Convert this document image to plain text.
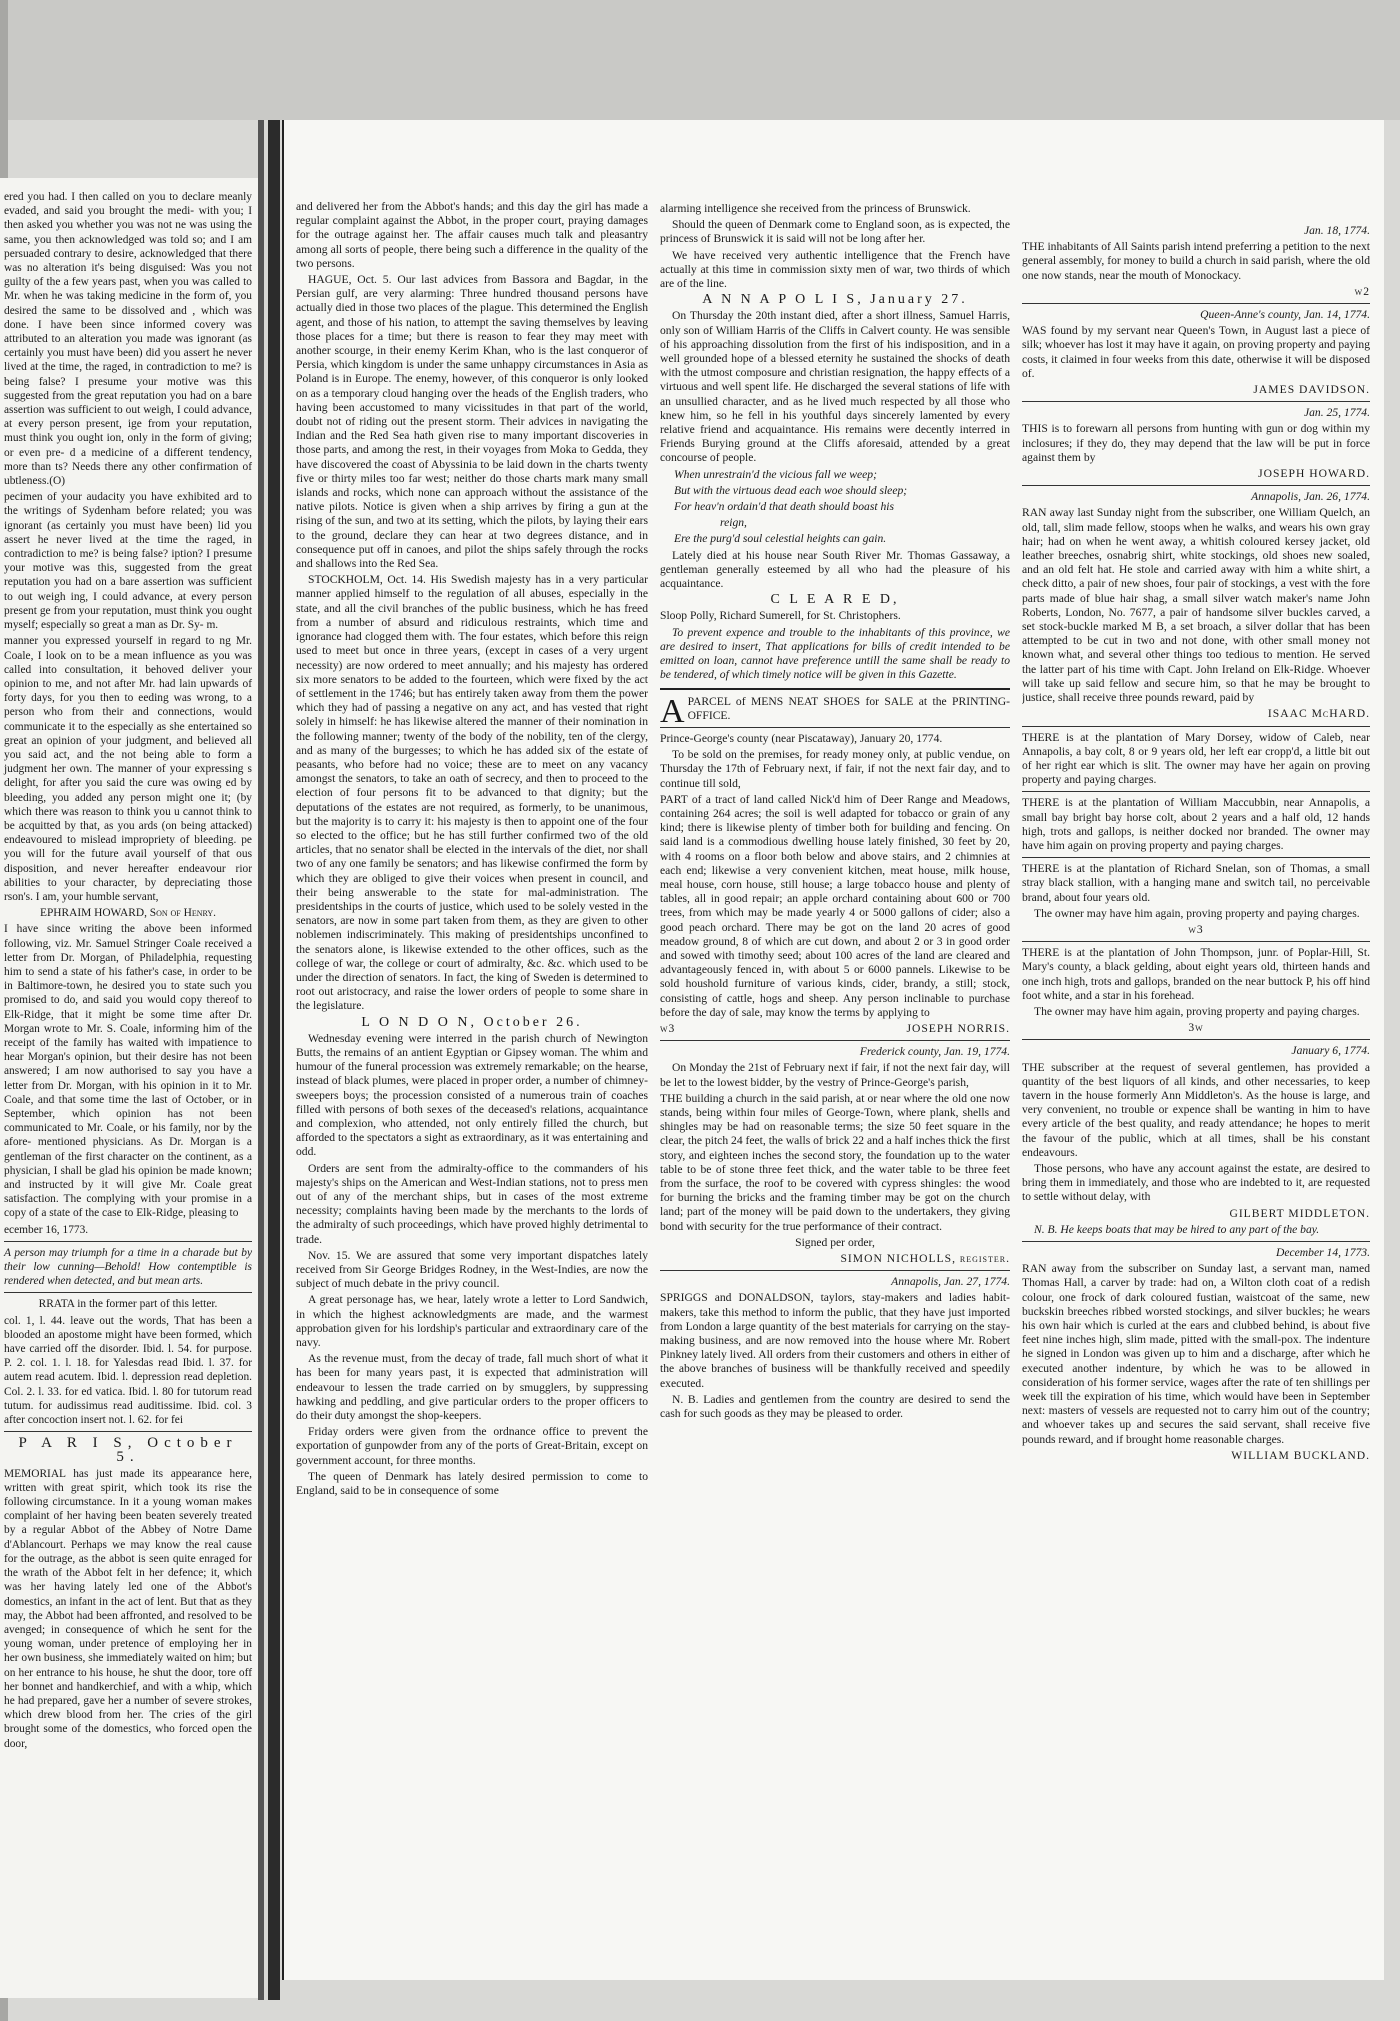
ered you had. I then called on you to declare meanly evaded, and said you brought the medi- with you; I then asked you whether you was not ne was using the same, you then acknowledged was told so; and I am persuaded contrary to desire, acknowledged that there was no alteration it's being disguised: Was you not guilty of the a few years past, when you was called to Mr. when he was taking medicine in the form of, you desired the same to be dissolved and , which was done. I have been since informed covery was attributed to an alteration you made was ignorant (as certainly you must have been) did you assert he never lived at the time, the raged, in contradiction to me? is being false? I presume your motive was this suggested from the great reputation you had on a bare assertion was sufficient to out weigh, I could advance, at every person present, ige from your reputation, must think you ought ion, only in the form of giving; or even pre- d a medicine of a different tendency, more than ts? Needs there any other confirmation of ubtleness.(O)

pecimen of your audacity you have exhibited ard to the writings of Sydenham before related; you was ignorant (as certainly you must have been) lid you assert he never lived at the time the raged, in contradiction to me? is being false? iption? I presume your motive was this, suggested from the great reputation you had on a bare assertion was sufficient to out weigh ing, I could advance, at every person present ge from your reputation, must think you ought myself; especially so great a man as Dr. Sy- m.

manner you expressed yourself in regard to ng Mr. Coale, I look on to be a mean influence as you was called into consultation, it behoved deliver your opinion to me, and not after Mr. had lain upwards of forty days, for you then to eeding was wrong, to a person who from their and connections, would communicate it to the especially as she entertained so great an opinion of your judgment, and believed all you said act, and the not being able to form a judgment her own. The manner of your expressing s delight, for after you said the cure was owing ed by bleeding, you added any person might one it; (by which there was reason to think you u cannot think to be acquitted by that, as you ards (on being attacked) endeavoured to mislead impropriety of bleeding. pe you will for the future avail yourself of that ous disposition, and never hereafter endeavour rior abilities to your character, by depreciating those rson's. I am, your humble servant,

EPHRAIM HOWARD, Son of Henry.

I have since writing the above been informed following, viz. Mr. Samuel Stringer Coale received a letter from Dr. Morgan, of Philadelphia, requesting him to send a state of his father's case, in order to be in Baltimore-town, he desired you to state such you promised to do, and said you would copy thereof to Elk-Ridge, that it might be some time after Dr. Morgan wrote to Mr. S. Coale, informing him of the receipt of the family has waited with impatience to hear Morgan's opinion, but their desire has not been answered; I am now authorised to say you have a letter from Dr. Morgan, with his opinion in it to Mr. Coale, and that some time the last of October, or in September, which opinion has not been communicated to Mr. Coale, or his family, nor by the afore- mentioned physicians. As Dr. Morgan is a gentleman of the first character on the continent, as a physician, I shall be glad his opinion be made known; and instructed by it will give Mr. Coale great satisfaction. The complying with your promise in a copy of a state of the case to Elk-Ridge, pleasing to

ecember 16, 1773.

A person may triumph for a time in a charade but by their low cunning—Behold! How contemptible is rendered when detected, and but mean arts.

RRATA in the former part of this letter.

col. 1, l. 44. leave out the words, That has been a blooded an apostome might have been formed, which have carried off the disorder. Ibid. l. 54. for purpose. P. 2. col. 1. l. 18. for Yalesdas read Ibid. l. 37. for autem read acutem. Ibid. l. depression read depletion. Col. 2. l. 33. for ed vatica. Ibid. l. 80 for tutorum read tutum. for audissimus read auditissime. Ibid. col. 3 after concoction insert not. l. 62. for fei

P A R I S, October 5.

MEMORIAL has just made its appearance here, written with great spirit, which took its rise the following circumstance. In it a young woman makes complaint of her having been beaten severely treated by a regular Abbot of the Abbey of Notre Dame d'Ablancourt. Perhaps we may know the real cause for the outrage, as the abbot is seen quite enraged for the wrath of the Abbot felt in her defence; it, which was her having lately led one of the Abbot's domestics, an infant in the act of lent. But that as they may, the Abbot had been affronted, and resolved to be avenged; in consequence of which he sent for the young woman, under pretence of employing her in her own business, she immediately waited on him; but on her entrance to his house, he shut the door, tore off her bonnet and handkerchief, and with a whip, which he had prepared, gave her a number of severe strokes, which drew blood from her. The cries of the girl brought some of the domestics, who forced open the door,

and delivered her from the Abbot's hands; and this day the girl has made a regular complaint against the Abbot, in the proper court, praying damages for the outrage against her. The affair causes much talk and pleasantry among all sorts of people, there being such a difference in the quality of the two persons.

HAGUE, Oct. 5. Our last advices from Bassora and Bagdar, in the Persian gulf, are very alarming: Three hundred thousand persons have actually died in those two places of the plague. This determined the English agent, and those of his nation, to attempt the saving themselves by leaving those places for a time; but there is reason to fear they may meet with another scourge, in their enemy Kerim Khan, who is the last conqueror of Persia, which kingdom is under the same unhappy circumstances in Asia as Poland is in Europe. The enemy, however, of this conqueror is only looked on as a temporary cloud hanging over the heads of the English traders, who having been accustomed to many vicissitudes in that part of the world, doubt not of riding out the present storm. Their advices in navigating the Indian and the Red Sea hath given rise to many important discoveries in those parts, and among the rest, in their voyages from Moka to Gedda, they have discovered the coast of Abyssinia to be laid down in the charts twenty five or thirty miles too far west; neither do those charts mark many small islands and rocks, which none can approach without the assistance of the native pilots. Notice is given when a ship arrives by firing a gun at the rising of the sun, and two at its setting, which the pilots, by laying their ears to the ground, declare they can hear at two degrees distance, and in consequence put off in canoes, and pilot the ships safely through the rocks and shallows into the Red Sea.

STOCKHOLM, Oct. 14. His Swedish majesty has in a very particular manner applied himself to the regulation of all abuses, especially in the state, and all the civil branches of the public business, which he has freed from a number of absurd and ridiculous restraints, which time and ignorance had clogged them with. The four estates, which before this reign used to meet but once in three years, (except in cases of a very urgent necessity) are now ordered to meet annually; and his majesty has ordered six more senators to be added to the fourteen, which were fixed by the act of settlement in the 1746; but has entirely taken away from them the power which they had of passing a negative on any act, and has vested that right solely in himself: he has likewise altered the manner of their nomination in the following manner; twenty of the body of the nobility, ten of the clergy, and as many of the burgesses; to which he has added six of the estate of peasants, who before had no voice; these are to meet on any vacancy amongst the senators, to take an oath of secrecy, and then to proceed to the election of four persons fit to be advanced to that dignity; but the deputations of the estates are not required, as formerly, to be unanimous, but the majority is to carry it: his majesty is then to appoint one of the four so elected to the office; but he has still further confirmed two of the old articles, that no senator shall be elected in the intervals of the diet, nor shall two of any one family be senators; and has likewise confirmed the form by which they are obliged to give their voices when present in council, and their being answerable to the state for mal-administration. The presidentships in the courts of justice, which used to be solely vested in the senators, are now in some part taken from them, as they are given to other noblemen indiscriminately. This making of presidentships unconfined to the senators alone, is likewise extended to the other offices, such as the college of war, the college or court of admiralty, &c. &c. which used to be under the direction of senators. In fact, the king of Sweden is determined to root out aristocracy, and raise the lower orders of people to some share in the legislature.

L O N D O N, October 26.

Wednesday evening were interred in the parish church of Newington Butts, the remains of an antient Egyptian or Gipsey woman. The whim and humour of the funeral procession was extremely remarkable; on the hearse, instead of black plumes, were placed in proper order, a number of chimney-sweepers boys; the procession consisted of a numerous train of coaches filled with persons of both sexes of the deceased's relations, acquaintance and complexion, who attended, not only entirely filled the church, but afforded to the spectators a sight as extraordinary, as it was entertaining and odd.

Orders are sent from the admiralty-office to the commanders of his majesty's ships on the American and West-Indian stations, not to press men out of any of the merchant ships, but in cases of the most extreme necessity; complaints having been made by the merchants to the lords of the admiralty of such proceedings, which have proved highly detrimental to trade.

Nov. 15. We are assured that some very important dispatches lately received from Sir George Bridges Rodney, in the West-Indies, are now the subject of much debate in the privy council.

A great personage has, we hear, lately wrote a letter to Lord Sandwich, in which the highest acknowledgments are made, and the warmest approbation given for his lordship's particular and extraordinary care of the navy.

As the revenue must, from the decay of trade, fall much short of what it has been for many years past, it is expected that administration will endeavour to lessen the trade carried on by smugglers, by suppressing hawking and peddling, and give particular orders to the proper officers to do their duty amongst the shop-keepers.

Friday orders were given from the ordnance office to prevent the exportation of gunpowder from any of the ports of Great-Britain, except on government account, for three months.

The queen of Denmark has lately desired permission to come to England, said to be in consequence of some

alarming intelligence she received from the princess of Brunswick.

Should the queen of Denmark come to England soon, as is expected, the princess of Brunswick it is said will not be long after her.

We have received very authentic intelligence that the French have actually at this time in commission sixty men of war, two thirds of which are of the line.

A N N A P O L I S, January 27.

On Thursday the 20th instant died, after a short illness, Samuel Harris, only son of William Harris of the Cliffs in Calvert county. He was sensible of his approaching dissolution from the first of his indisposition, and in a well grounded hope of a blessed eternity he sustained the shocks of death with the utmost composure and christian resignation, the happy effects of a virtuous and well spent life. He discharged the several stations of life with an unsullied character, and as he lived much respected by all those who knew him, so he fell in his youthful days sincerely lamented by every relative friend and acquaintance. His remains were decently interred in Friends Burying ground at the Cliffs aforesaid, attended by a great concourse of people.

When unrestrain'd the vicious fall we weep;

But with the virtuous dead each woe should sleep;

For heav'n ordain'd that death should boast his

reign,

Ere the purg'd soul celestial heights can gain.

Lately died at his house near South River Mr. Thomas Gassaway, a gentleman generally esteemed by all who had the pleasure of his acquaintance.

C L E A R E D,

Sloop Polly, Richard Sumerell, for St. Christophers.

To prevent expence and trouble to the inhabitants of this province, we are desired to insert, That applications for bills of credit intended to be emitted on loan, cannot have preference untill the same shall be ready to be tendered, of which timely notice will be given in this Gazette.

APARCEL of MENS NEAT SHOES for SALE at the PRINTING-OFFICE.

Prince-George's county (near Piscataway), January 20, 1774.

To be sold on the premises, for ready money only, at public vendue, on Thursday the 17th of February next, if fair, if not the next fair day, and to continue till sold,

PART of a tract of land called Nick'd him of Deer Range and Meadows, containing 264 acres; the soil is well adapted for tobacco or grain of any kind; there is likewise plenty of timber both for building and fencing. On said land is a commodious dwelling house lately finished, 30 feet by 20, with 4 rooms on a floor both below and above stairs, and 2 chimnies at each end; likewise a very convenient kitchen, meat house, milk house, meal house, corn house, still house; a large tobacco house and plenty of tables, all in good repair; an apple orchard containing about 600 or 700 trees, from which may be made yearly 4 or 5000 gallons of cider; also a good peach orchard. There may be got on the land 20 acres of good meadow ground, 8 of which are cut down, and about 2 or 3 in good order and sowed with timothy seed; about 100 acres of the land are cleared and advantageously fenced in, with about 5 or 6000 pannels. Likewise to be sold houshold furniture of various kinds, cider, brandy, a still; stock, consisting of cattle, hogs and sheep. Any person inclinable to purchase before the day of sale, may know the terms by applying to

w3	JOSEPH NORRIS.

Frederick county, Jan. 19, 1774.

On Monday the 21st of February next if fair, if not the next fair day, will be let to the lowest bidder, by the vestry of Prince-George's parish,

THE building a church in the said parish, at or near where the old one now stands, being within four miles of George-Town, where plank, shells and shingles may be had on reasonable terms; the size 50 feet square in the clear, the pitch 24 feet, the walls of brick 22 and a half inches thick the first story, and eighteen inches the second story, the foundation up to the water table to be of stone three feet thick, and the water table to be three feet from the surface, the roof to be covered with cypress shingles: the wood for burning the bricks and the framing timber may be got on the church land; part of the money will be paid down to the undertakers, they giving bond with security for the true performance of their contract.

Signed per order,

SIMON NICHOLLS, register.

Annapolis, Jan. 27, 1774.

SPRIGGS and DONALDSON, taylors, stay-makers and ladies habit-makers, take this method to inform the public, that they have just imported from London a large quantity of the best materials for carrying on the stay-making business, and are now removed into the house where Mr. Robert Pinkney lately lived. All orders from their customers and others in either of the above branches of business will be thankfully received and speedily executed.

N. B. Ladies and gentlemen from the country are desired to send the cash for such goods as they may be pleased to order.

Jan. 18, 1774.

THE inhabitants of All Saints parish intend preferring a petition to the next general assembly, for money to build a church in said parish, where the old one now stands, near the mouth of Monockacy.

w2

Queen-Anne's county, Jan. 14, 1774.

WAS found by my servant near Queen's Town, in August last a piece of silk; whoever has lost it may have it again, on proving property and paying costs, it claimed in four weeks from this date, otherwise it will be disposed of.

JAMES DAVIDSON.

Jan. 25, 1774.

THIS is to forewarn all persons from hunting with gun or dog within my inclosures; if they do, they may depend that the law will be put in force against them by

JOSEPH HOWARD.

Annapolis, Jan. 26, 1774.

RAN away last Sunday night from the subscriber, one William Quelch, an old, tall, slim made fellow, stoops when he walks, and wears his own gray hair; had on when he went away, a whitish coloured kersey jacket, old leather breeches, osnabrig shirt, white stockings, old shoes new soaled, and an old felt hat. He stole and carried away with him a white shirt, a check ditto, a pair of new shoes, four pair of stockings, a vest with the fore parts made of blue hair shag, a small silver watch maker's name John Roberts, London, No. 7677, a pair of handsome silver buckles carved, a set stock-buckle marked M B, a set broach, a silver dollar that has been attempted to be cut in two and not done, with other small money not known what, and several other things too tedious to mention. He served the latter part of his time with Capt. John Ireland on Elk-Ridge. Whoever will take up said fellow and secure him, so that he may be brought to justice, shall receive three pounds reward, paid by

ISAAC McHARD.

THERE is at the plantation of Mary Dorsey, widow of Caleb, near Annapolis, a bay colt, 8 or 9 years old, her left ear cropp'd, a little bit out of her right ear which is slit. The owner may have her again on proving property and paying charges.

THERE is at the plantation of William Maccubbin, near Annapolis, a small bay bright bay horse colt, about 2 years and a half old, 12 hands high, trots and gallops, is neither docked nor branded. The owner may have him again on proving property and paying charges.

THERE is at the plantation of Richard Snelan, son of Thomas, a small stray black stallion, with a hanging mane and switch tail, no perceivable brand, about four years old.

The owner may have him again, proving property and paying charges.

w3

THERE is at the plantation of John Thompson, junr. of Poplar-Hill, St. Mary's county, a black gelding, about eight years old, thirteen hands and one inch high, trots and gallops, branded on the near buttock P, his off hind foot white, and a star in his forehead.

The owner may have him again, proving property and paying charges.

3w

January 6, 1774.

THE subscriber at the request of several gentlemen, has provided a quantity of the best liquors of all kinds, and other necessaries, to keep tavern in the house formerly Ann Middleton's. As the house is large, and very convenient, no trouble or expence shall be wanting in him to have every article of the best quality, and ready attendance; he hopes to merit the favour of the public, which at all times, shall be his constant endeavours.

Those persons, who have any account against the estate, are desired to bring them in immediately, and those who are indebted to it, are requested to settle without delay, with

GILBERT MIDDLETON.

N. B. He keeps boats that may be hired to any part of the bay.

December 14, 1773.

RAN away from the subscriber on Sunday last, a servant man, named Thomas Hall, a carver by trade: had on, a Wilton cloth coat of a redish colour, one frock of dark coloured fustian, waistcoat of the same, new buckskin breeches ribbed worsted stockings, and silver buckles; he wears his own hair which is curled at the ears and clubbed behind, is about five feet nine inches high, slim made, pitted with the small-pox. The indenture he signed in London was given up to him and a discharge, after which he executed another indenture, by which he was to be allowed in consideration of his former service, wages after the rate of ten shillings per week till the expiration of his time, which would have been in September next: masters of vessels are requested not to carry him out of the country; and whoever takes up and secures the said servant, shall receive five pounds reward, and if brought home reasonable charges.

WILLIAM BUCKLAND.
